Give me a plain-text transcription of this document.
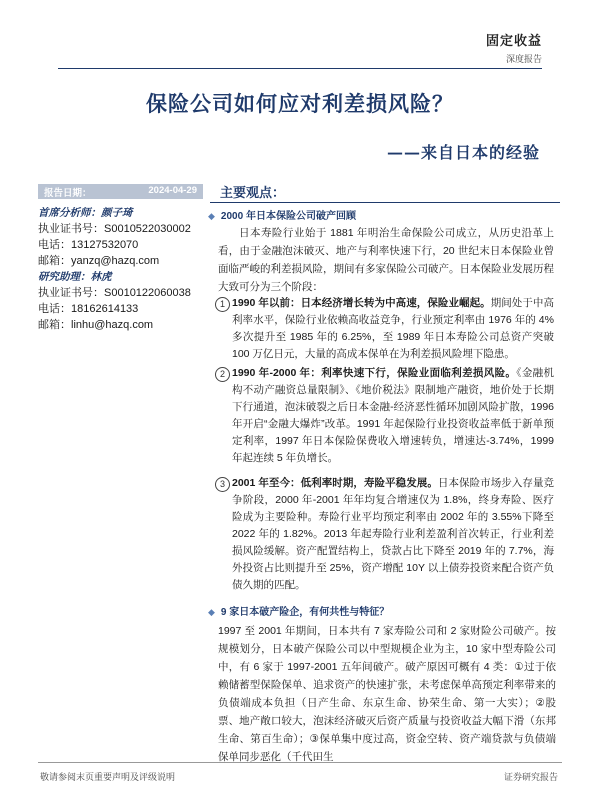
固定收益
深度报告
保险公司如何应对利差损风险？
——来自日本的经验
报告日期：	2024-04-29
首席分析师：颜子琦
执业证书号：S0010522030002
电话：13127532070
邮箱：yanzq@hazq.com
研究助理：林虎
执业证书号：S0010122060038
电话：18162614133
邮箱：linhu@hazq.com
主要观点：
◆ 2000 年日本保险公司破产回顾

日本寿险行业始于 1881 年明治生命保险公司成立，从历史沿革上看，由于金融泡沫破灭、地产与利率快速下行，20 世纪末日本保险业曾面临严峻的利差损风险，期间有多家保险公司破产。日本保险业发展历程大致可分为三个阶段：

1 1990 年以前：日本经济增长转为中高速，保险业崛起。期间处于中高利率水平，保险行业依赖高收益竞争，行业预定利率由 1976 年的 4%多次提升至 1985 年的 6.25%，至 1989 年日本寿险公司总资产突破 100 万亿日元，大量的高成本保单在为利差损风险埋下隐患。
2 1990 年-2000 年：利率快速下行，保险业面临利差损风险。《金融机构不动产融资总量限制》、《地价税法》限制地产融资，地价处于长期下行通道，泡沫破裂之后日本金融-经济恶性循环加剧风险扩散，1996 年开启“金融大爆炸”改革。1991 年起保险行业投资收益率低于新单预定利率，1997 年日本保险保费收入增速转负，增速达-3.74%，1999 年起连续 5 年负增长。
3 2001 年至今：低利率时期，寿险平稳发展。日本保险市场步入存量竞争阶段，2000 年-2001 年年均复合增速仅为 1.8%，终身寿险、医疗险成为主要险种。寿险行业平均预定利率由 2002 年的 3.55%下降至 2022 年的 1.82%。2013 年起寿险行业利差盈利首次转正，行业利差损风险缓解。资产配置结构上，贷款占比下降至 2019 年的 7.7%，海外投资占比则提升至 25%，资产增配 10Y 以上债券投资来配合资产负债久期的匹配。
◆ 9 家日本破产险企，有何共性与特征？
1997 至 2001 年期间，日本共有 7 家寿险公司和 2 家财险公司破产。按规模划分，日本破产保险公司以中型规模企业为主，10 家中型寿险公司中，有 6 家于 1997-2001 五年间破产。破产原因可概有 4 类：①过于依赖储蓄型保险保单、追求资产的快速扩张，未考虑保单高预定利率带来的负债端成本负担（日产生命、东京生命、协荣生命、第一大实）；②股票、地产敞口较大，泡沫经济破灭后资产质量与投资收益大幅下滑（东邦生命、第百生命）；③保单集中度过高，资金空转、资产端贷款与负债端保单同步恶化（千代田生
敬请参阅末页重要声明及评级说明	证券研究报告
